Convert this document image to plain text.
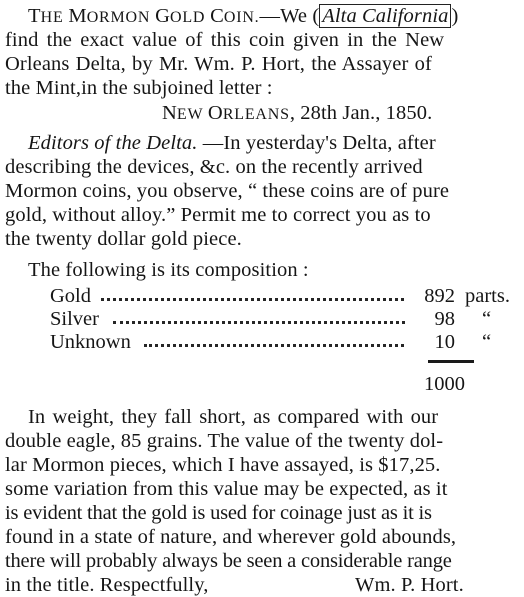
THE MORMON GOLD COIN.—We ( Alta California )
find the exact value of this coin given in the New
Orleans Delta, by Mr. Wm. P. Hort, the Assayer of
the Mint,in the subjoined letter :
NEW ORLEANS, 28th Jan., 1850.
Editors of the Delta. —In yesterday's Delta, after
describing the devices, &c. on the recently arrived
Mormon coins, you observe, “ these coins are of pure
gold, without alloy.” Permit me to correct you as to
the twenty dollar gold piece.
The following is its composition :
Gold	892 parts.
Silver	98 “
Unknown	10 “
1000
In weight, they fall short, as compared with our
double eagle, 85 grains. The value of the twenty dol-
lar Mormon pieces, which I have assayed, is $17,25.
some variation from this value may be expected, as it
is evident that the gold is used for coinage just as it is
found in a state of nature, and wherever gold abounds,
there will probably always be seen a considerable range
in the title. Respectfully,	Wm. P. Hort.
